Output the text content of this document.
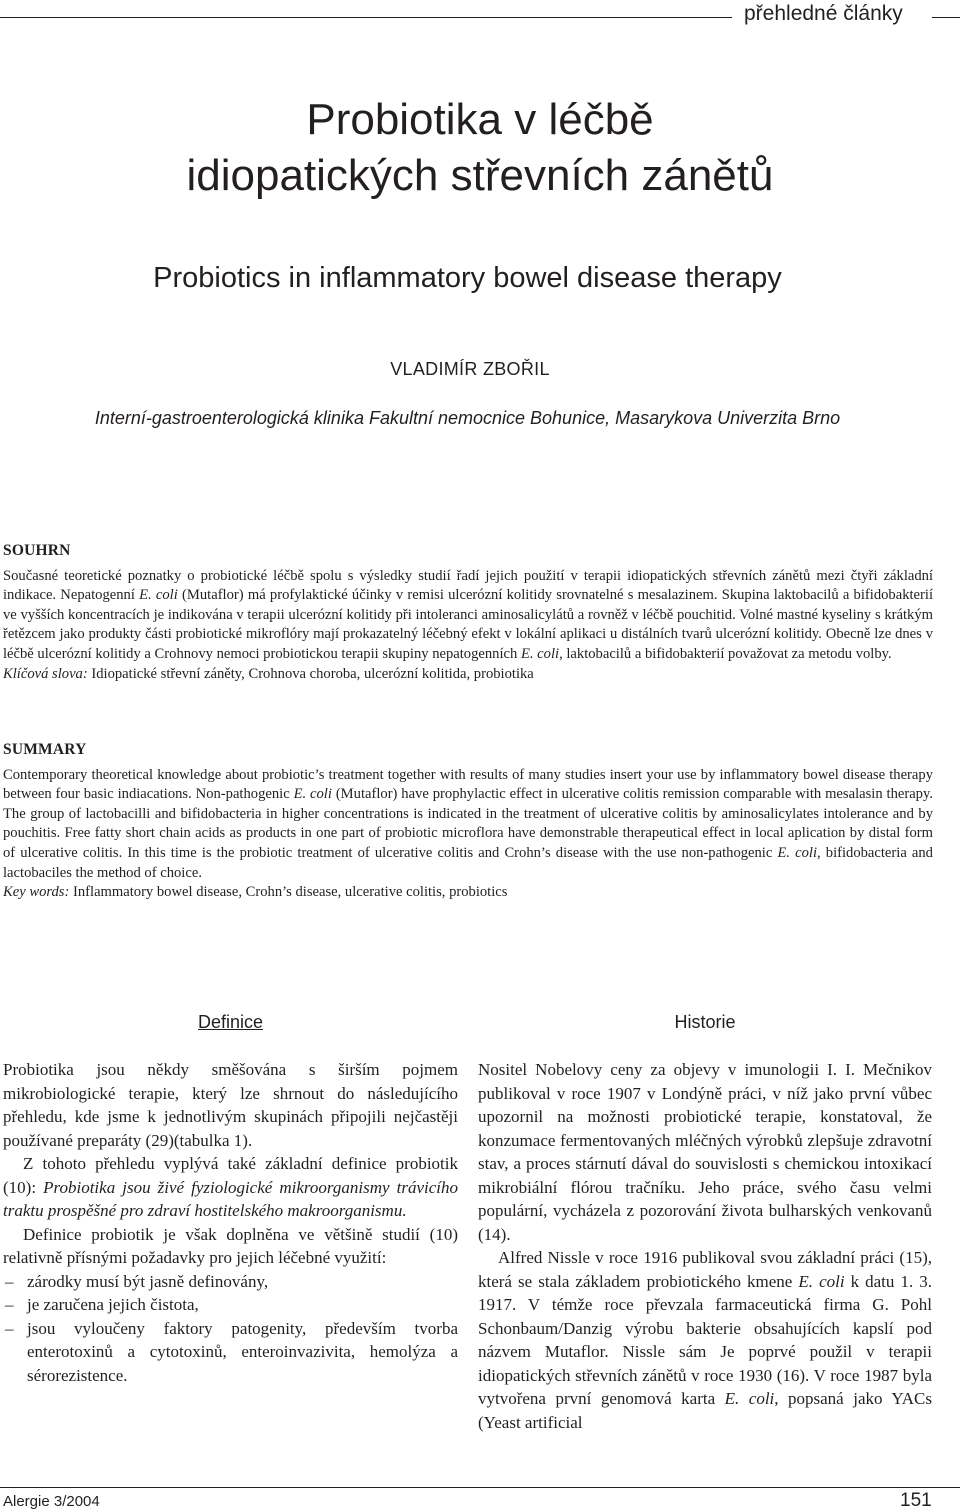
přehledné články
Probiotika v léčbě
idiopatických střevních zánětů
Probiotics in inflammatory bowel disease therapy
VLADIMÍR ZBOŘIL
Interní-gastroenterologická klinika Fakultní nemocnice Bohunice, Masarykova Univerzita Brno
SOUHRN

Současné teoretické poznatky o probiotické léčbě spolu s výsledky studií řadí jejich použití v terapii idiopatických střevních zánětů mezi čtyři základní indikace. Nepatogenní E. coli (Mutaflor) má profylaktické účinky v remisi ulcerózní kolitidy srovnatelné s mesalazinem. Skupina laktobacilů a bifidobakterií ve vyšších koncentracích je indikována v terapii ulcerózní kolitidy při intoleranci aminosalicylátů a rovněž v léčbě pouchitid. Volné mastné kyseliny s krátkým řetězcem jako produkty části probiotické mikroflóry mají prokazatelný léčebný efekt v lokální aplikaci u distálních tvarů ulcerózní kolitidy. Obecně lze dnes v léčbě ulcerózní kolitidy a Crohnovy nemoci probiotickou terapii skupiny nepatogenních E. coli, laktobacilů a bifidobakterií považovat za metodu volby.

Klíčová slova: Idiopatické střevní záněty, Crohnova choroba, ulcerózní kolitida, probiotika

SUMMARY

Contemporary theoretical knowledge about probiotic’s treatment together with results of many studies insert your use by inflammatory bowel disease therapy between four basic indiacations. Non-pathogenic E. coli (Mutaflor) have prophylactic effect in ulcerative colitis remission comparable with mesalasin therapy. The group of lactobacilli and bifidobacteria in higher concentrations is indicated in the treatment of ulcerative colitis by aminosalicylates intolerance and by pouchitis. Free fatty short chain acids as products in one part of probiotic microflora have demonstrable therapeutical effect in local aplication by distal form of ulcerative colitis. In this time is the probiotic treatment of ulcerative colitis and Crohn’s disease with the use non-pathogenic E. coli, bifidobacteria and lactobaciles the method of choice.

Key words: Inflammatory bowel disease, Crohn’s disease, ulcerative colitis, probiotics

Definice	Historie

Probiotika jsou někdy směšována s širším pojmem mikrobiologické terapie, který lze shrnout do následujícího přehledu, kde jsme k jednotlivým skupinách připojili nejčastěji používané preparáty (29)(tabulka 1).

Z tohoto přehledu vyplývá také základní definice probiotik (10): Probiotika jsou živé fyziologické mikroorganismy trávicího traktu prospěšné pro zdraví hostitelského makroorganismu.

Definice probiotik je však doplněna ve většině studií (10) relativně přísnými požadavky pro jejich léčebné využití:

– zárodky musí být jasně definovány,
– je zaručena jejich čistota,
– jsou vyloučeny faktory patogenity, především tvorba enterotoxinů a cytotoxinů, enteroinvazivita, hemolýza a sérorezistence.

Nositel Nobelovy ceny za objevy v imunologii I. I. Mečnikov publikoval v roce 1907 v Londýně práci, v níž jako první vůbec upozornil na možnosti probiotické terapie, konstatoval, že konzumace fermentovaných mléčných výrobků zlepšuje zdravotní stav, a proces stárnutí dával do souvislosti s chemickou intoxikací mikrobiální flórou tračníku. Jeho práce, svého času velmi populární, vycházela z pozorování života bulharských venkovanů (14).

Alfred Nissle v roce 1916 publikoval svou základní práci (15), která se stala základem probiotického kmene E. coli k datu 1. 3. 1917. V témže roce převzala farmaceutická firma G. Pohl Schonbaum/Danzig výrobu bakterie obsahujících kapslí pod názvem Mutaflor. Nissle sám Je poprvé použil v terapii idiopatických střevních zánětů v roce 1930 (16). V roce 1987 byla vytvořena první genomová karta E. coli, popsaná jako YACs (Yeast artificial

Alergie 3/2004	151
